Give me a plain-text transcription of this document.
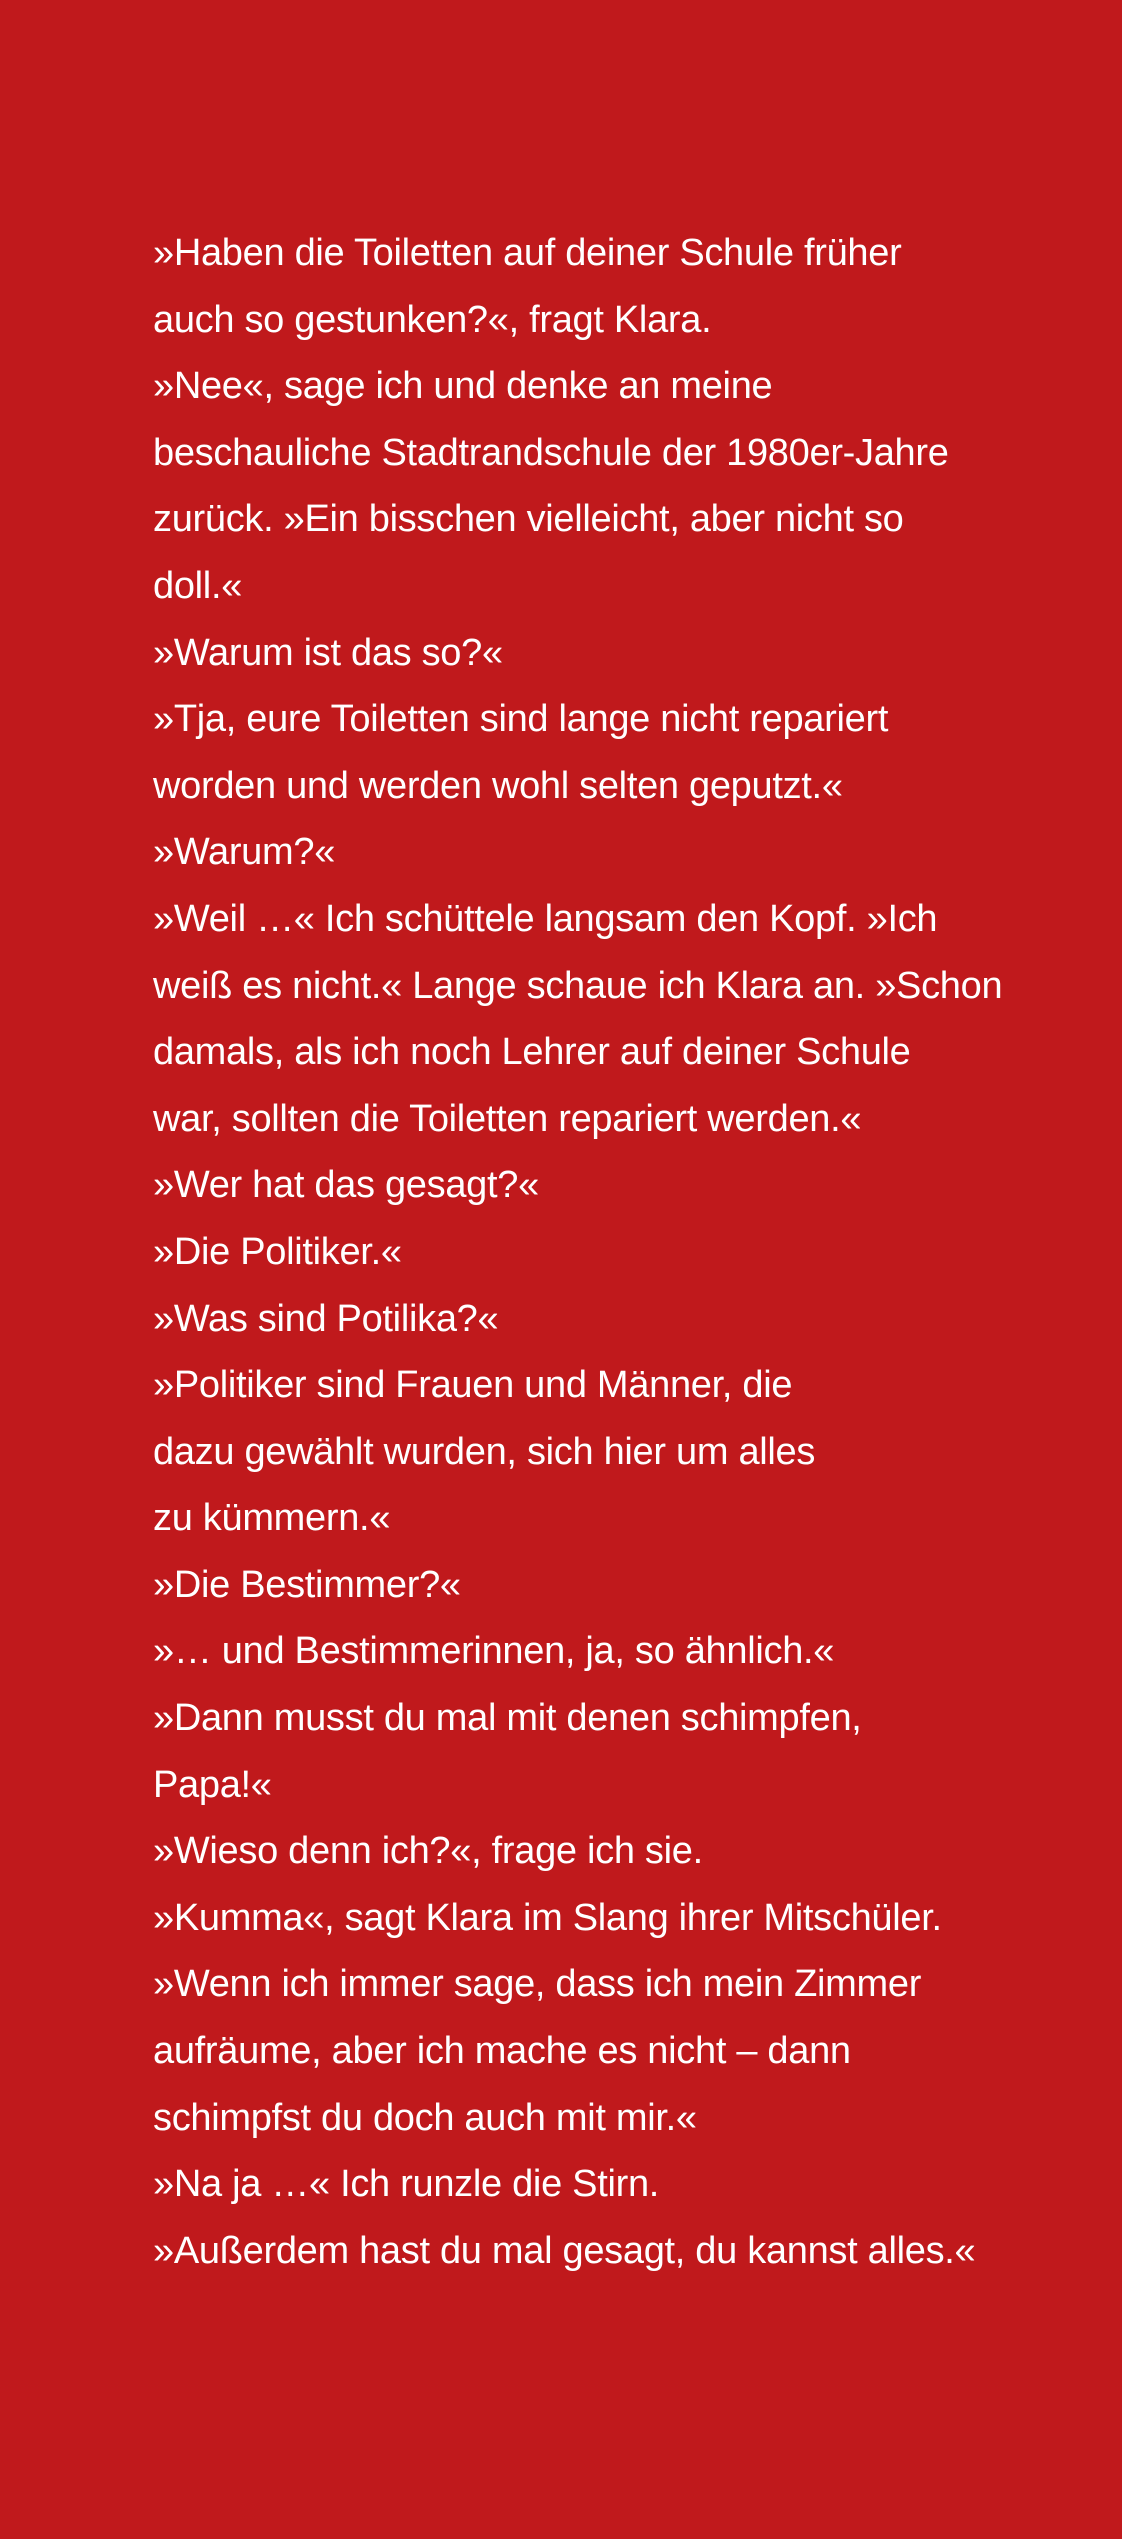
»Haben die Toiletten auf deiner Schule früher
auch so gestunken?«, fragt Klara.
»Nee«, sage ich und denke an meine
beschauliche Stadtrandschule der 1980er-Jahre
zurück. »Ein bisschen vielleicht, aber nicht so
doll.«
»Warum ist das so?«
»Tja, eure Toiletten sind lange nicht repariert
worden und werden wohl selten geputzt.«
»Warum?«
»Weil …« Ich schüttele langsam den Kopf. »Ich
weiß es nicht.« Lange schaue ich Klara an. »Schon
damals, als ich noch Lehrer auf deiner Schule
war, sollten die Toiletten repariert werden.«
»Wer hat das gesagt?«
»Die Politiker.«
»Was sind Potilika?«
»Politiker sind Frauen und Männer, die
dazu gewählt wurden, sich hier um alles
zu kümmern.«
»Die Bestimmer?«
»… und Bestimmerinnen, ja, so ähnlich.«
»Dann musst du mal mit denen schimpfen,
Papa!«
»Wieso denn ich?«, frage ich sie.
»Kumma«, sagt Klara im Slang ihrer Mitschüler.
»Wenn ich immer sage, dass ich mein Zimmer
aufräume, aber ich mache es nicht – dann
schimpfst du doch auch mit mir.«
»Na ja …« Ich runzle die Stirn.
»Außerdem hast du mal gesagt, du kannst alles.«
